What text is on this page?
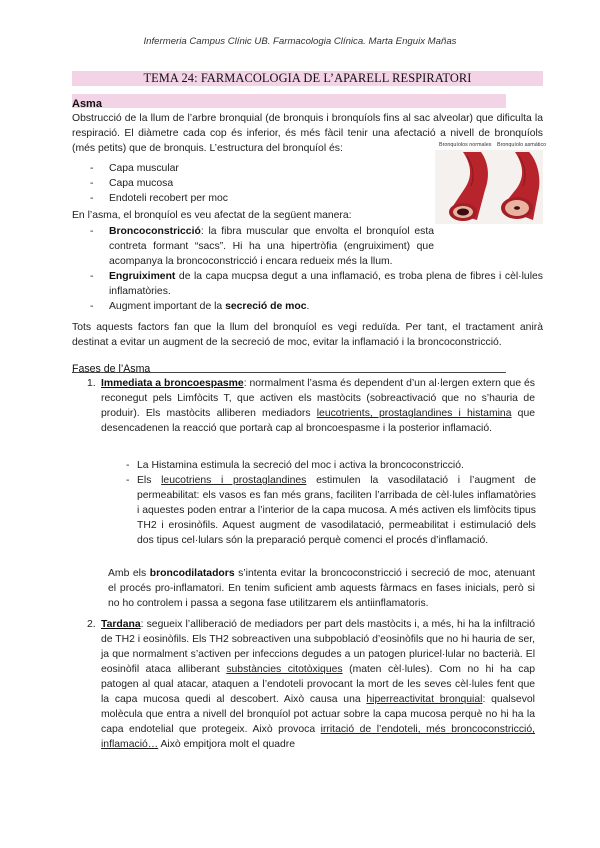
Infermeria Campus Clínic UB. Farmacologia Clínica. Marta Enguix Mañas
TEMA 24: FARMACOLOGIA DE L’APARELL RESPIRATORI
Asma

Obstrucció de la llum de l’arbre bronquial (de bronquis i bronquíols fins al sac alveolar) que dificulta la respiració. El diàmetre cada cop és inferior, és més fàcil tenir una afectació a nivell de bronquíols (més petits) que de bronquis. L’estructura del bronquíol és:

- Capa muscular
- Capa mucosa
- Endoteli recobert per moc
Bronquíolos normales Bronquíolo asmático

En l’asma, el bronquíol es veu afectat de la següent manera:

- Broncoconstricció: la fibra muscular que envolta el bronquíol esta contreta formant “sacs”. Hi ha una hipertròfia (engruiximent) que acompanya la broncoconstricció i encara redueix més la llum.

- Engruiximent de la capa mucpsa degut a una inflamació, es troba plena de fibres i cèl·lules inflamatòries.

- Augment important de la secreció de moc.

Tots aquests factors fan que la llum del bronquíol es vegi reduïda. Per tant, el tractament anirà destinat a evitar un augment de la secreció de moc, evitar la inflamació i la broncoconstricció.

Fases de l’Asma
1. Immediata a broncoespasme: normalment l’asma és dependent d’un al·lergen extern que és reconegut pels Limfòcits T, que activen els mastòcits (sobreactivació que no s’hauria de produir). Els mastòcits alliberen mediadors leucotrients, prostaglandines i histamina que desencadenen la reacció que portarà cap al broncoespasme i la posterior inflamació.

- La Histamina estimula la secreció del moc i activa la broncoconstricció.

- Els leucotriens i prostaglandines estimulen la vasodilatació i l’augment de permeabilitat: els vasos es fan més grans, faciliten l’arribada de cèl·lules inflamatòries i aquestes poden entrar a l’interior de la capa mucosa. A més activen els limfòcits tipus TH2 i erosinòfils. Aquest augment de vasodilatació, permeabilitat i estimulació dels dos tipus cel·lulars són la preparació perquè comenci el procés d’inflamació.

Amb els broncodilatadors s’intenta evitar la broncoconstricció i secreció de moc, atenuant el procés pro-inflamatori. En tenim suficient amb aquests fàrmacs en fases inicials, però si no ho controlem i passa a segona fase utilitzarem els antiinflamatoris.

2. Tardana: segueix l’alliberació de mediadors per part dels mastòcits i, a més, hi ha la infiltració de TH2 i eosinòfils. Els TH2 sobreactiven una subpoblació d’eosinòfils que no hi hauria de ser, ja que normalment s’activen per infeccions degudes a un patogen pluricel·lular no bacterià. El eosinòfil ataca alliberant substàncies citotòxiques (maten cèl·lules). Com no hi ha cap patogen al qual atacar, ataquen a l’endoteli provocant la mort de les seves cèl·lules fent que la capa mucosa quedi al descobert. Això causa una hiperreactivitat bronquial: qualsevol molècula que entra a nivell del bronquíol pot actuar sobre la capa mucosa perquè no hi ha la capa endotelial que protegeix. Això provoca irritació de l’endoteli, més broncoconstricció, inflamació… Això empitjora molt el quadre
